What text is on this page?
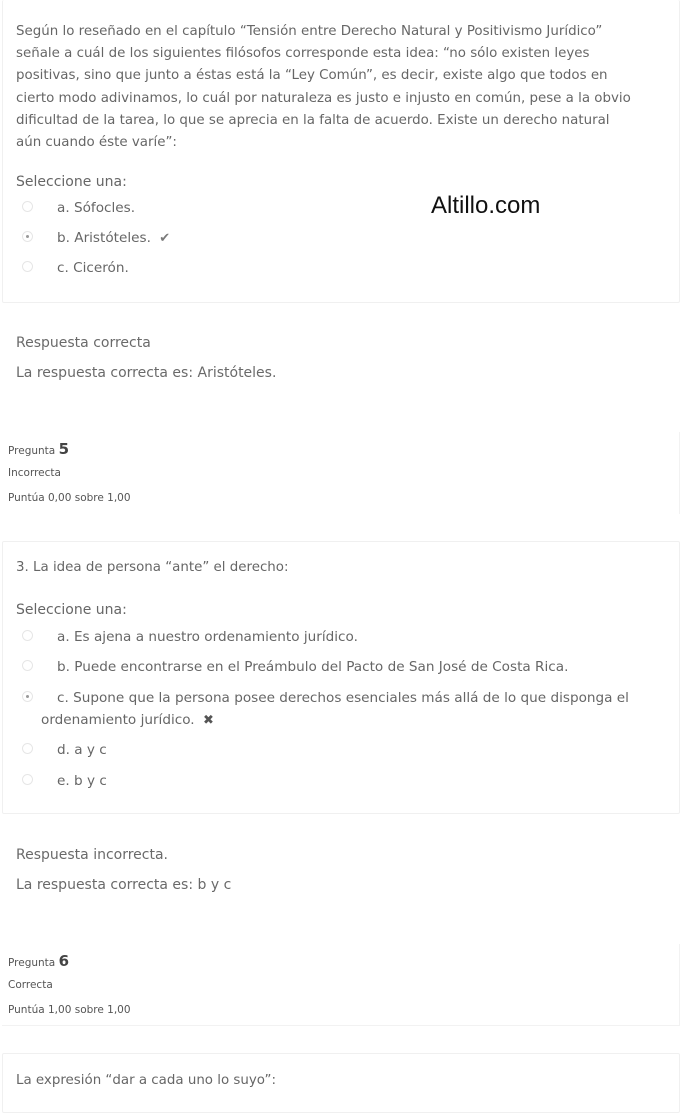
Según lo reseñado en el capítulo “Tensión entre Derecho Natural y Positivismo Jurídico”
señale a cuál de los siguientes filósofos corresponde esta idea: “no sólo existen leyes
positivas, sino que junto a éstas está la “Ley Común”, es decir, existe algo que todos en
cierto modo adivinamos, lo cuál por naturaleza es justo e injusto en común, pese a la obvio
dificultad de la tarea, lo que se aprecia en la falta de acuerdo. Existe un derecho natural
aún cuando éste varíe”:
Seleccione una:
a. Sófocles.
b. Aristóteles. ✔
c. Cicerón.
Altillo.com
Respuesta correcta
La respuesta correcta es: Aristóteles.
Pregunta 5
Incorrecta
Puntúa 0,00 sobre 1,00
3. La idea de persona “ante” el derecho:
Seleccione una:
a. Es ajena a nuestro ordenamiento jurídico.
b. Puede encontrarse en el Preámbulo del Pacto de San José de Costa Rica.
c. Supone que la persona posee derechos esenciales más allá de lo que disponga el
ordenamiento jurídico. ✖
d. a y c
e. b y c
Respuesta incorrecta.
La respuesta correcta es: b y c
Pregunta 6
Correcta
Puntúa 1,00 sobre 1,00
La expresión “dar a cada uno lo suyo”:
